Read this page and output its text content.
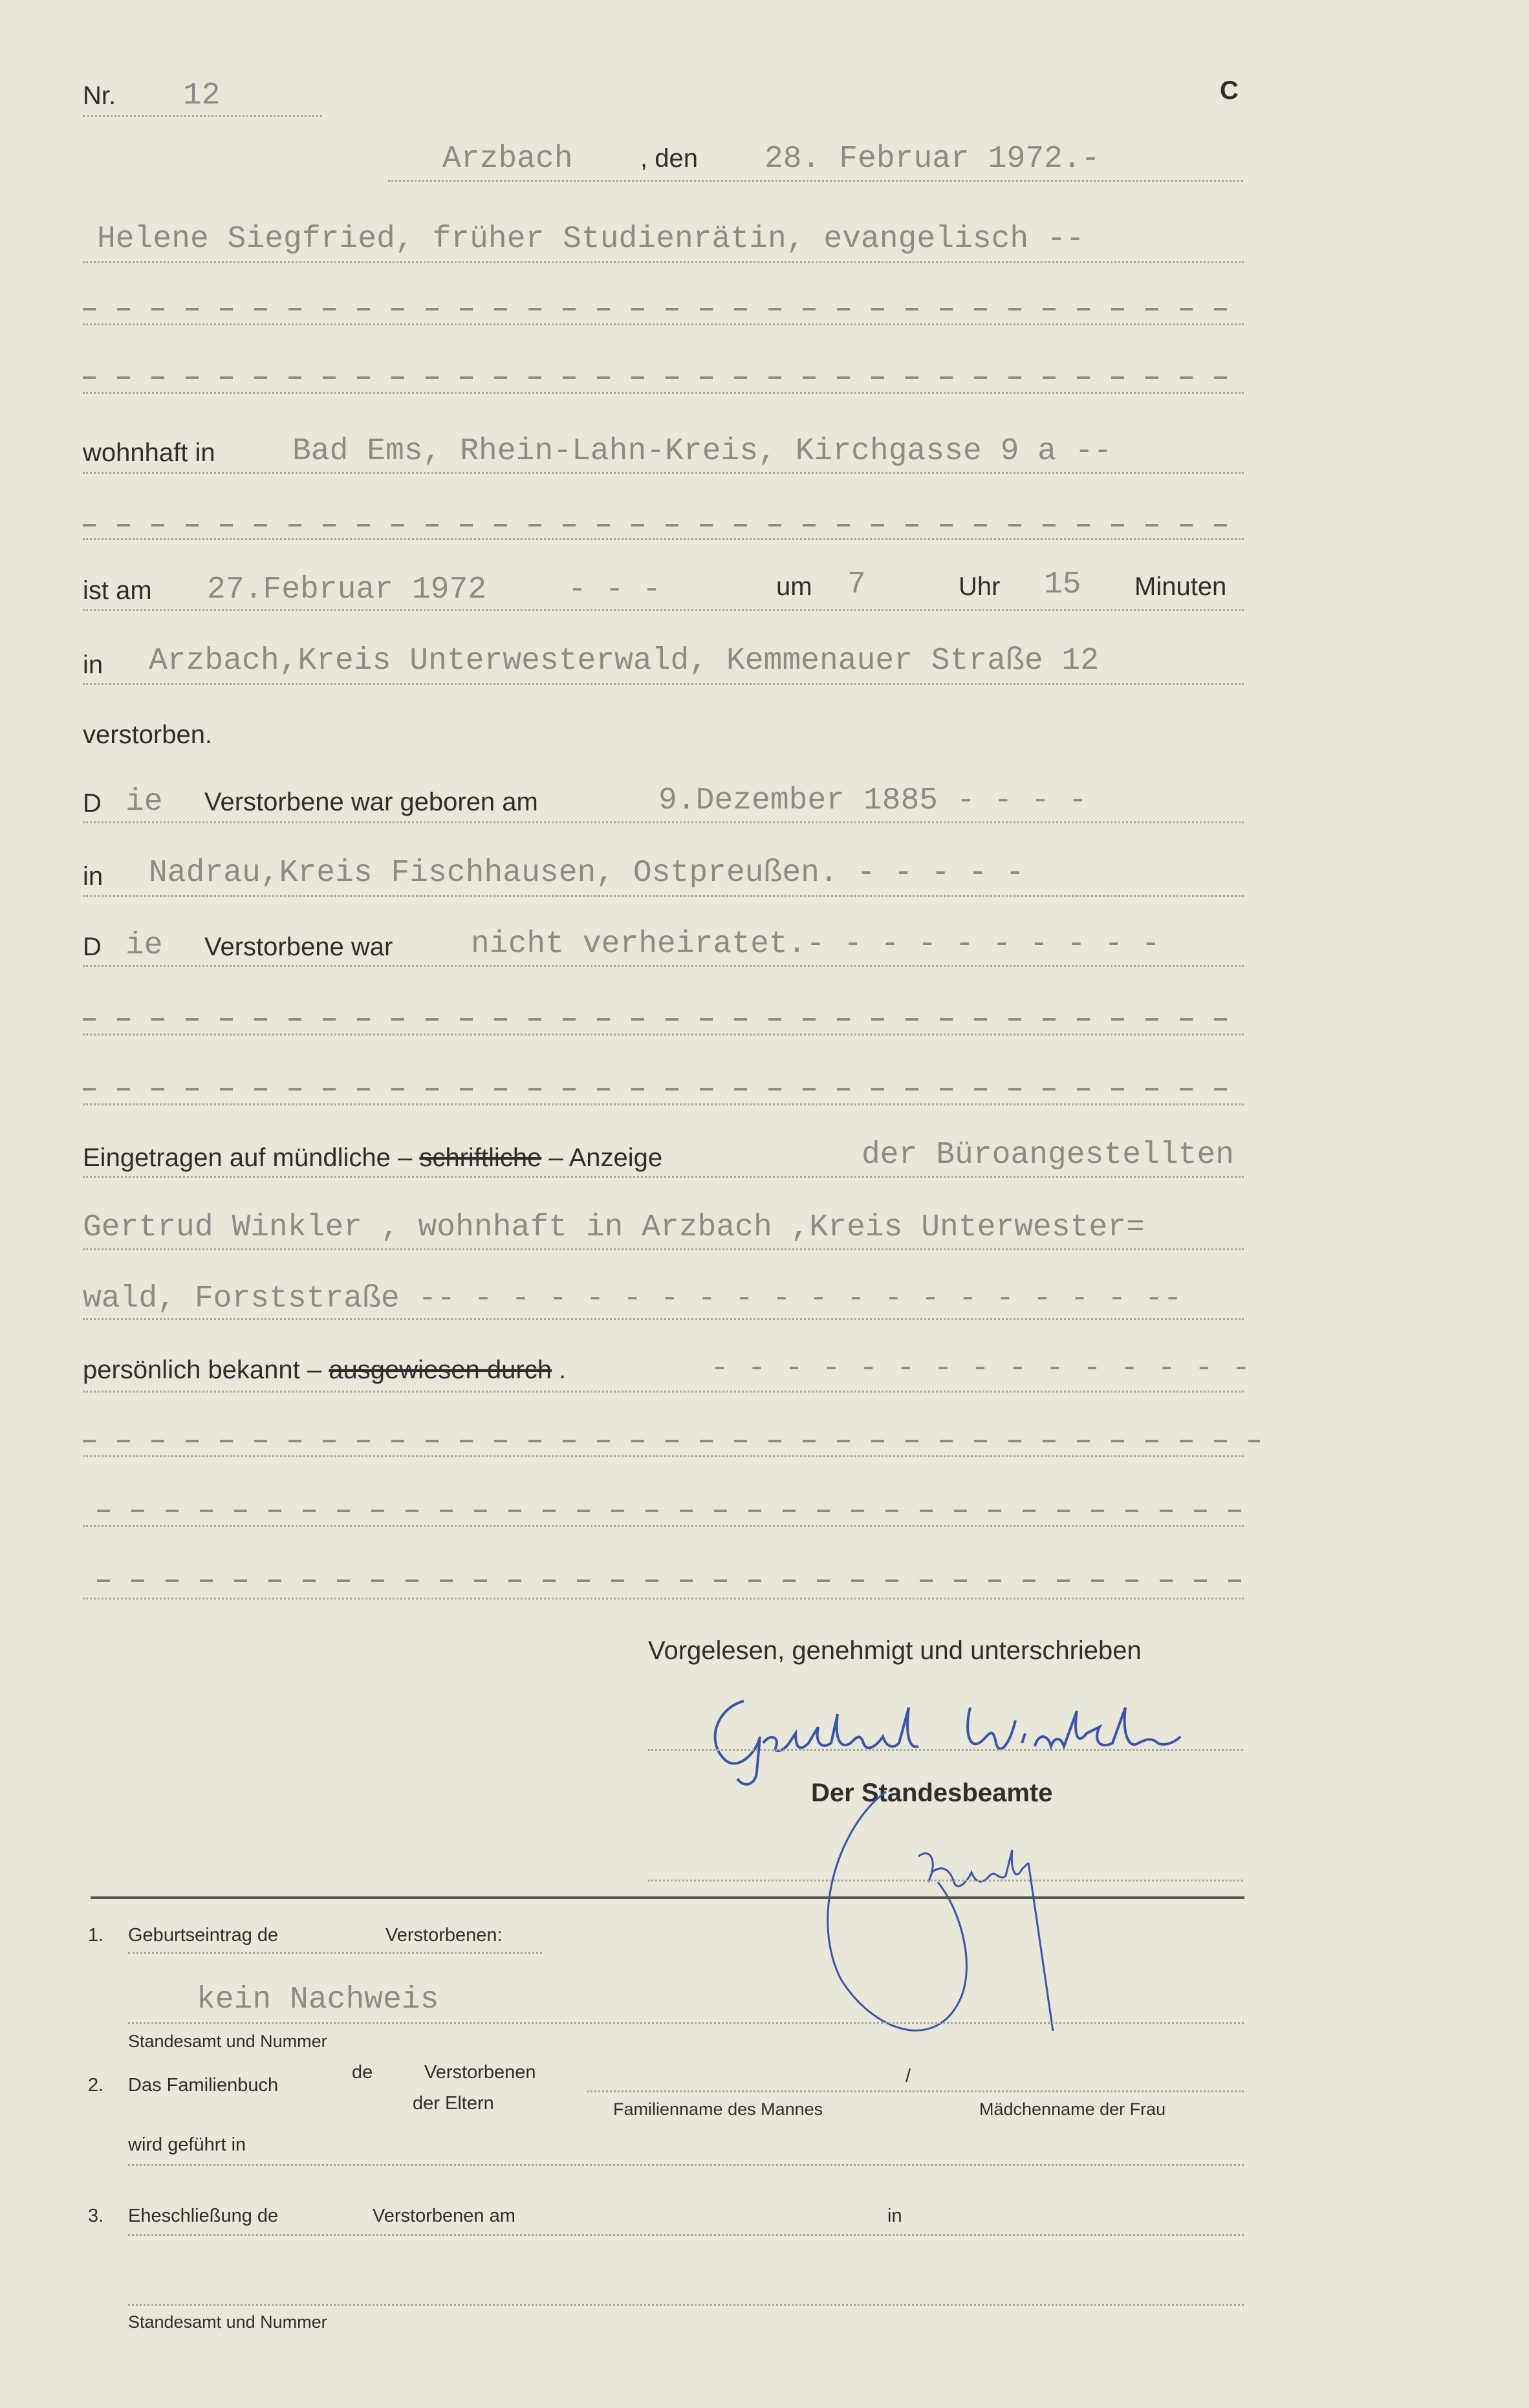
Nr. 12	C
Arzbach	, den 28. Februar 1972.-
Helene Siegfried, früher Studienrätin, evangelisch --
wohnhaft in Bad Ems, Rhein-Lahn-Kreis, Kirchgasse 9 a --
ist am 27.Februar 1972	- - -	um 7	Uhr 15 Minuten
in Arzbach,Kreis Unterwesterwald, Kemmenauer Straße 12
verstorben.
D ie Verstorbene war geboren am	9.Dezember 1885 - - - -
in Nadrau,Kreis Fischhausen, Ostpreußen. - - - - -
D ie Verstorbene war	nicht verheiratet.- - - - - - - - - -
Eingetragen auf mündliche – schriftliche – Anzeige	der Büroangestellten
Gertrud Winkler , wohnhaft in Arzbach ,Kreis Unterwester=
wald, Forststraße -- - - - - - - - - - - - - - - - - - - --
persönlich bekannt – ausgewiesen durch .	- - - - - - - - - - - - - - -
Vorgelesen, genehmigt und unterschrieben
Der Standesbeamte
1. Geburtseintrag de	Verstorbenen:
kein Nachweis
Standesamt und Nummer
2. Das Familienbuch
de	Verstorbenen
der Eltern
/
Familienname des Mannes	Mädchenname der Frau
wird geführt in
3. Eheschließung de	Verstorbenen am	in
Standesamt und Nummer
